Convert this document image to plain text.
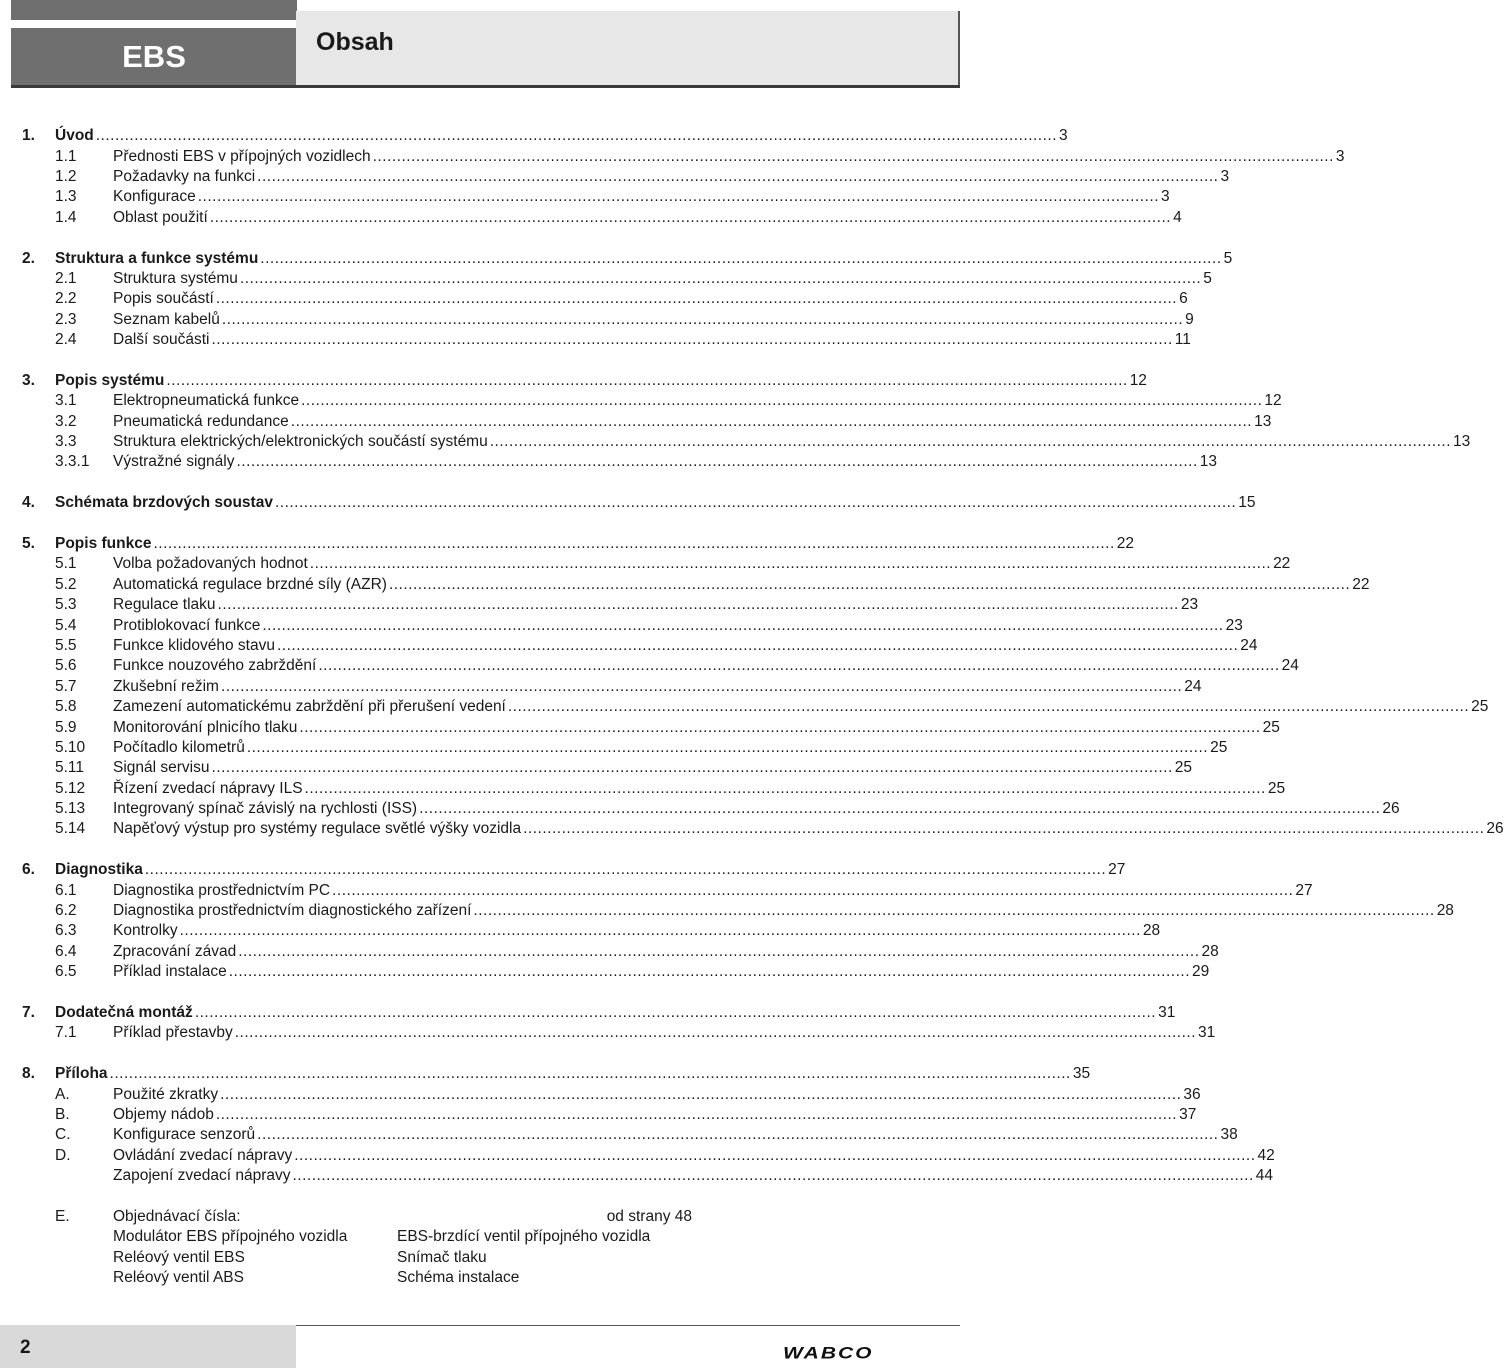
EBS	Obsah
1. Úvod ........................................................................................................................................................................................................ 3
1.1 Přednosti EBS v přípojných vozidlech ........................................................................................................................................................................................................ 3
1.2 Požadavky na funkci ........................................................................................................................................................................................................ 3
1.3 Konfigurace ........................................................................................................................................................................................................ 3
1.4 Oblast použití ........................................................................................................................................................................................................ 4
2. Struktura a funkce systému ........................................................................................................................................................................................................ 5
2.1 Struktura systému ........................................................................................................................................................................................................ 5
2.2 Popis součástí ........................................................................................................................................................................................................ 6
2.3 Seznam kabelů ........................................................................................................................................................................................................ 9
2.4 Další součásti ........................................................................................................................................................................................................ 11
3. Popis systému ........................................................................................................................................................................................................ 12
3.1 Elektropneumatická funkce ........................................................................................................................................................................................................ 12
3.2 Pneumatická redundance ........................................................................................................................................................................................................ 13
3.3 Struktura elektrických/elektronických součástí systému ........................................................................................................................................................................................................ 13
3.3.1 Výstražné signály ........................................................................................................................................................................................................ 13
4. Schémata brzdových soustav ........................................................................................................................................................................................................ 15
5. Popis funkce ........................................................................................................................................................................................................ 22
5.1 Volba požadovaných hodnot ........................................................................................................................................................................................................ 22
5.2 Automatická regulace brzdné síly (AZR) ........................................................................................................................................................................................................ 22
5.3 Regulace tlaku ........................................................................................................................................................................................................ 23
5.4 Protiblokovací funkce ........................................................................................................................................................................................................ 23
5.5 Funkce klidového stavu ........................................................................................................................................................................................................ 24
5.6 Funkce nouzového zabrždění ........................................................................................................................................................................................................ 24
5.7 Zkušební režim ........................................................................................................................................................................................................ 24
5.8 Zamezení automatickému zabrždění při přerušení vedení ........................................................................................................................................................................................................ 25
5.9 Monitorování plnicího tlaku ........................................................................................................................................................................................................ 25
5.10 Počítadlo kilometrů ........................................................................................................................................................................................................ 25
5.11 Signál servisu ........................................................................................................................................................................................................ 25
5.12 Řízení zvedací nápravy ILS ........................................................................................................................................................................................................ 25
5.13 Integrovaný spínač závislý na rychlosti (ISS) ........................................................................................................................................................................................................ 26
5.14 Napěťový výstup pro systémy regulace světlé výšky vozidla ........................................................................................................................................................................................................ 26
6. Diagnostika ........................................................................................................................................................................................................ 27
6.1 Diagnostika prostřednictvím PC ........................................................................................................................................................................................................ 27
6.2 Diagnostika prostřednictvím diagnostického zařízení ........................................................................................................................................................................................................ 28
6.3 Kontrolky ........................................................................................................................................................................................................ 28
6.4 Zpracování závad ........................................................................................................................................................................................................ 28
6.5 Příklad instalace ........................................................................................................................................................................................................ 29
7. Dodatečná montáž ........................................................................................................................................................................................................ 31
7.1 Příklad přestavby ........................................................................................................................................................................................................ 31
8. Příloha ........................................................................................................................................................................................................ 35
A.	Použité zkratky ........................................................................................................................................................................................................ 36
B.	Objemy nádob ........................................................................................................................................................................................................ 37
C.	Konfigurace senzorů ........................................................................................................................................................................................................ 38
D.	Ovládání zvedací nápravy ........................................................................................................................................................................................................ 42
Zapojení zvedací nápravy ........................................................................................................................................................................................................ 44
E.	Objednávací čísla:	od strany 48
Modulátor EBS přípojného vozidla	EBS-brzdící ventil přípojného vozidla
Reléový ventil EBS	Snímač tlaku
Reléový ventil ABS	Schéma instalace
2	WABCO
